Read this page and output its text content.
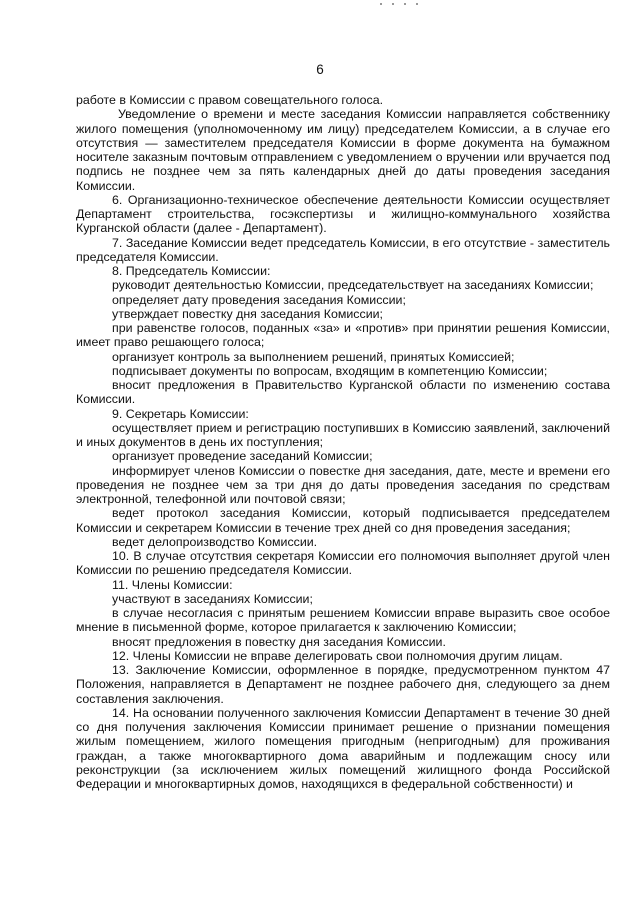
6

работе в Комиссии с правом совещательного голоса.

Уведомление о времени и месте заседания Комиссии направляется собственнику жилого помещения (уполномоченному им лицу) председателем Комиссии, а в случае его отсутствия — заместителем председателя Комиссии в форме документа на бумажном носителе заказным почтовым отправлением с уведомлением о вручении или вручается под подпись не позднее чем за пять календарных дней до даты проведения заседания Комиссии.

6. Организационно-техническое обеспечение деятельности Комиссии осуществляет Департамент строительства, госэкспертизы и жилищно-коммунального хозяйства Курганской области (далее - Департамент).

7. Заседание Комиссии ведет председатель Комиссии, в его отсутствие - заместитель председателя Комиссии.

8. Председатель Комиссии:

руководит деятельностью Комиссии, председательствует на заседаниях Комиссии;

определяет дату проведения заседания Комиссии;

утверждает повестку дня заседания Комиссии;

при равенстве голосов, поданных «за» и «против» при принятии решения Комиссии, имеет право решающего голоса;

организует контроль за выполнением решений, принятых Комиссией;

подписывает документы по вопросам, входящим в компетенцию Комиссии;

вносит предложения в Правительство Курганской области по изменению состава Комиссии.

9. Секретарь Комиссии:

осуществляет прием и регистрацию поступивших в Комиссию заявлений, заключений и иных документов в день их поступления;

организует проведение заседаний Комиссии;

информирует членов Комиссии о повестке дня заседания, дате, месте и времени его проведения не позднее чем за три дня до даты проведения заседания по средствам электронной, телефонной или почтовой связи;

ведет протокол заседания Комиссии, который подписывается председателем Комиссии и секретарем Комиссии в течение трех дней со дня проведения заседания;

ведет делопроизводство Комиссии.

10. В случае отсутствия секретаря Комиссии его полномочия выполняет другой член Комиссии по решению председателя Комиссии.

11. Члены Комиссии:

участвуют в заседаниях Комиссии;

в случае несогласия с принятым решением Комиссии вправе выразить свое особое мнение в письменной форме, которое прилагается к заключению Комиссии;

вносят предложения в повестку дня заседания Комиссии.

12. Члены Комиссии не вправе делегировать свои полномочия другим лицам.

13. Заключение Комиссии, оформленное в порядке, предусмотренном пунктом 47 Положения, направляется в Департамент не позднее рабочего дня, следующего за днем составления заключения.

14. На основании полученного заключения Комиссии Департамент в течение 30 дней со дня получения заключения Комиссии принимает решение о признании помещения жилым помещением, жилого помещения пригодным (непригодным) для проживания граждан, а также многоквартирного дома аварийным и подлежащим сносу или реконструкции (за исключением жилых помещений жилищного фонда Российской Федерации и многоквартирных домов, находящихся в федеральной собственности) и
